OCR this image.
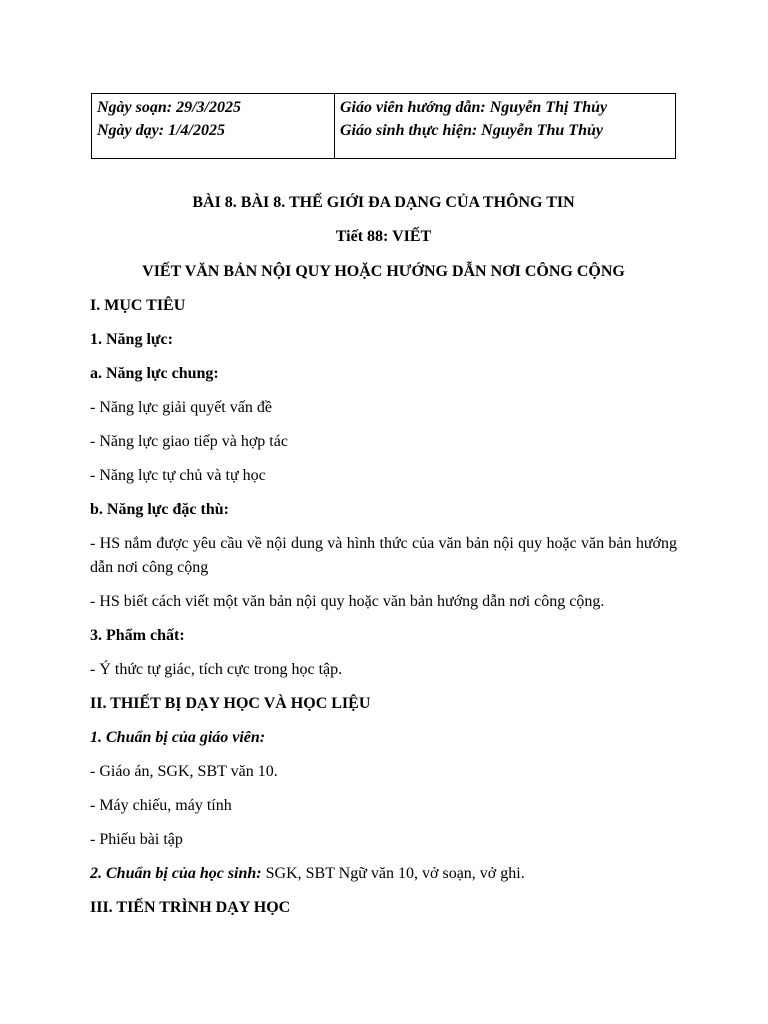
Ngày soạn: 29/3/2025
Ngày dạy: 1/4/2025

Giáo viên hướng dẫn: Nguyễn Thị Thủy
Giáo sinh thực hiện: Nguyễn Thu Thủy

BÀI 8. BÀI 8. THẾ GIỚI ĐA DẠNG CỦA THÔNG TIN

Tiết 88: VIẾT

VIẾT VĂN BẢN NỘI QUY HOẶC HƯỚNG DẪN NƠI CÔNG CỘNG

I. MỤC TIÊU

1. Năng lực:

a. Năng lực chung:

- Năng lực giải quyết vấn đề

- Năng lực giao tiếp và hợp tác

- Năng lực tự chủ và tự học

b. Năng lực đặc thù:

- HS nắm được yêu cầu về nội dung và hình thức của văn bản nội quy hoặc văn bản hướng dẫn nơi công cộng

- HS biết cách viết một văn bản nội quy hoặc văn bản hướng dẫn nơi công cộng.

3. Phẩm chất:

- Ý thức tự giác, tích cực trong học tập.

II. THIẾT BỊ DẠY HỌC VÀ HỌC LIỆU

1. Chuẩn bị của giáo viên:

- Giáo án, SGK, SBT văn 10.

- Máy chiếu, máy tính

- Phiếu bài tập

2. Chuẩn bị của học sinh: SGK, SBT Ngữ văn 10, vở soạn, vở ghi.

III. TIẾN TRÌNH DẠY HỌC
